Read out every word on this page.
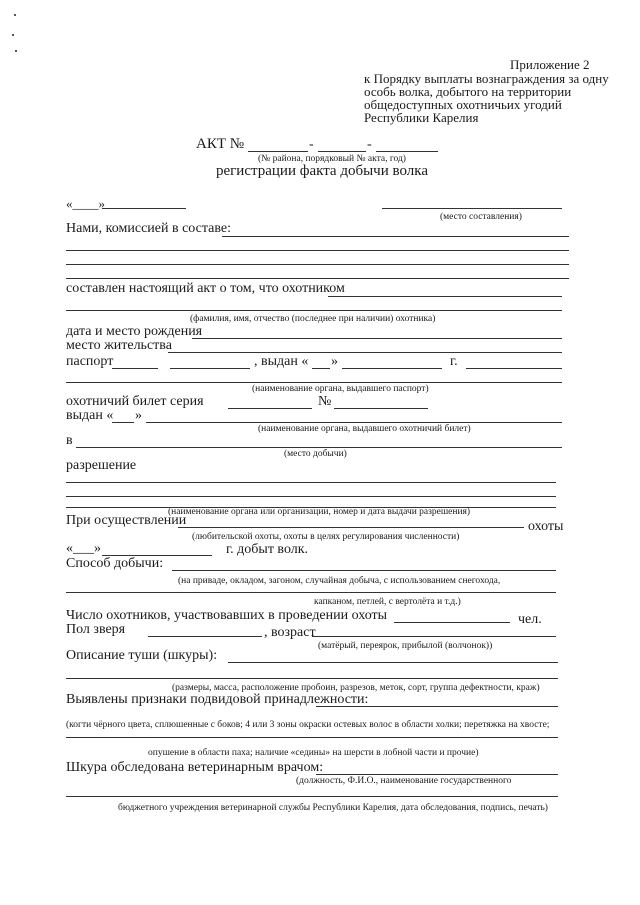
Приложение 2
к Порядку выплаты вознаграждения за одну
особь волка, добытого на территории
общедоступных охотничьих угодий
Республики Карелия
АКТ №	-	-
(№ района, порядковый № акта, год)
регистрации факта добычи волка
«____»
(место составления)
Нами, комиссией в составе:
составлен настоящий акт о том, что охотником
(фамилия, имя, отчество (последнее при наличии) охотника)
дата и место рождения
место жительства
паспорт	, выдан « »	г.
(наименование органа, выдавшего паспорт)
охотничий билет серия	№
выдан « »
(наименование органа, выдавшего охотничий билет)
в
(место добычи)
разрешение
(наименование органа или организации, номер и дата выдачи разрешения)
При осуществлении	охоты
(любительской охоты, охоты в целях регулирования численности)
«___»	г. добыт волк.
Способ добычи:
(на приваде, окладом, загоном, случайная добыча, с использованием снегохода,
капканом, петлей, с вертолёта и т.д.)
Число охотников, участвовавших в проведении охоты	чел.
Пол зверя	, возраст
(матёрый, переярок, прибылой (волчонок))
Описание туши (шкуры):
(размеры, масса, расположение пробоин, разрезов, меток, сорт, группа дефектности, краж)
Выявлены признаки подвидовой принадлежности:
(когти чёрного цвета, сплюшенные с боков; 4 или 3 зоны окраски остевых волос в области холки; перетяжка на хвосте;
опушение в области паха; наличие «седины» на шерсти в лобной части и прочие)
Шкура обследована ветеринарным врачом:
(должность, Ф.И.О., наименование государственного
бюджетного учреждения ветеринарной службы Республики Карелия, дата обследования, подпись, печать)
